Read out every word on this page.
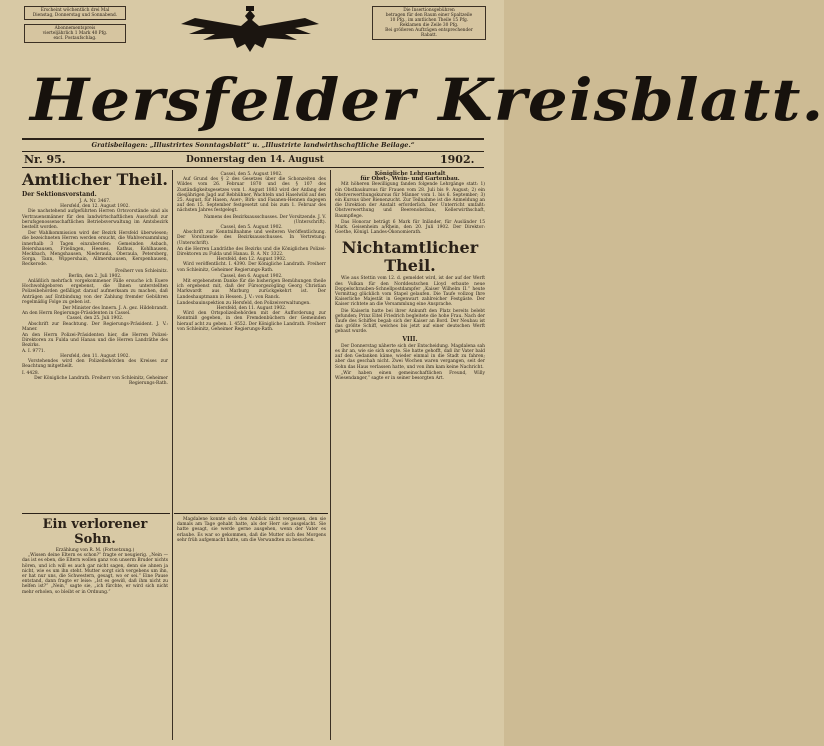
Erscheint wöchentlich drei Mal
Dienstag, Donnerstag und Sonnabend.
Abonnementspreis
vierteljährlich 1 Mark 40 Pfg.
excl. Postaufschlag.
Die Insertionsgebühren
betragen für den Raum einer Spaltzeile
10 Pfg., im amtlichen Theile 15 Pfg.
Reklamen die Zeile 30 Pfg.
Bei größeren Aufträgen entsprechender
Rabatt.
Hersfelder Kreisblatt.
Gratisbeilagen: „Illustrirtes Sonntagsblatt“ u. „Illustrirte landwirthschaftliche Beilage.“
Nr. 95.	Donnerstag den 14. August	1902.
Amtlicher Theil.
Der Sektionsvorstand.
J. A. Nr. 3467.
Hersfeld, den 12. August 1902.

Die nachstehend aufgeführten Herren Ortsvorstände sind als Vertrauensmänner für den landwirtschaftlichen Ausschuß zur berufsgenossenschaftlichen Betriebsverwaltung im Amtsbezirk bestellt worden.

Der Wahlkommission wird der Bezirk Hersfeld überwiesen; die bezeichneten Herren werden ersucht, die Wahlversammlung innerhalb 3 Tagen einzuberufen: Gemeinden Asbach, Beiershausen, Frielingen, Heenes, Kathus, Kohlhausen, Meckbach, Mengshausen, Niederaula, Oberaula, Petersberg, Sorga, Tann, Wippershain, Allmershausen, Kerspenhausen, Reckerode.

Freiherr von Schleinitz.
Berlin, den 2. Juli 1902.

Anläßlich mehrfach vorgekommener Fälle ersuche ich Euere Hochwohlgeboren ergebenst, die Ihnen unterstellten Polizeibehörden gefälligst darauf aufmerksam zu machen, daß Anträgen auf Entbindung von der Zahlung fremder Gebühren regelmäßig Folge zu geben ist.

Der Minister des Innern. J. A. gez. Hildebrandt.
An den Herrn Regierungs-Präsidenten in Cassel.
Cassel, den 25. Juli 1902.

Abschrift zur Beachtung. Der Regierungs-Präsident. J. V.: Maner.

An den Herrn Polizei-Präsidenten hier, die Herren Polizei-Direktoren zu Fulda und Hanau und die Herren Landräthe des Bezirks.
A. I. 9771.
Hersfeld, den 11. August 1902.

Vorstehendes wird den Polizeibehörden des Kreises zur Beachtung mitgetheilt.

I. 4428.
Der Königliche Landrath. Freiherr von Schleinitz, Geheimer Regierungs-Rath.
Ein verlorener Sohn.
Erzählung von R. M. (Fortsetzung.)

„Wissen deine Eltern es schon?“ fragte er neugierig. „Nein — das ist es eben, die Eltern wollen ganz von unserm Bruder nichts hören, und ich will es auch gar nicht sagen, denn sie ahnen ja nicht, wie es um ihn steht. Mutter sorgt sich vergebens um ihn, er hat nur uns, die Schwestern, gesagt, wo er sei.“ Eine Pause entstand, dann fragte er leise: „Ist es gewiß, daß ihm nicht zu helfen ist?“ „Nein,“ sagte sie, „ich fürchte, er wird sich nicht mehr erholen, so bleibt er in Ordnung.“

Cassel, den 5. August 1902.

Auf Grund des § 2 des Gesetzes über die Schonzeiten des Wildes vom 26. Februar 1870 und des § 107 des Zuständigkeitsgesetzes vom 1. August 1883 wird der Anfang der diesjährigen Jagd auf Rebhühner, Wachteln und Haselwild auf den 25. August, für Hasen, Auer-, Birk- und Fasanen-Hennen dagegen auf den 15. September festgesetzt und bis zum 1. Februar des nächsten Jahres festgelegt.

Namens des Bezirksausschusses. Der Vorsitzende. J. V. (Unterschrift).
Cassel, den 5. August 1902.

Abschrift zur Kenntnißnahme und weiteren Veröffentlichung. Der Vorsitzende des Bezirksausschusses. In Vertretung: (Unterschrift).

An die Herren Landräthe des Bezirks und die Königlichen Polizei-Direktoren zu Fulda und Hanau. B. A. Nr. 3322.
Hersfeld, den 12. August 1902.

Wird veröffentlicht. I. 4390. Der Königliche Landrath. Freiherr von Schleinitz, Geheimer Regierungs-Rath.

Cassel, den 6. August 1902.

Mit ergebenstem Danke für die bisherigen Bemühungen theile ich ergebenst mit, daß der Fürsorgezögling Georg Christian Markwardt aus Marburg zurückgekehrt ist. Der Landeshauptmann in Hessen. J. V.: von Ranck.

Landesbauinspektion zu Hersfeld, den Polizeiverwaltungen.
Hersfeld, den 11. August 1902.

Wird den Ortspolizeibehörden mit der Aufforderung zur Kenntniß gegeben, in den Fremdenbüchern der Gemeinden hierauf acht zu geben. I. 4552. Der Königliche Landrath. Freiherr von Schleinitz, Geheimer Regierungs-Rath.

Magdalene konnte sich den Anblick nicht vergessen, den sie damals am Tage gehabt hatte, als der Herr sie ausgelacht. Sie hatte gesagt, sie werde gerne ausgehen, wenn der Vater es erlaube. Es war so gekommen, daß die Mutter sich des Morgens sehr früh aufgemacht hatte, um die Verwandten zu besuchen.

Königliche Lehranstalt
für Obst-, Wein- und Gartenbau.

Mit höheren Bewilligung fanden folgende Lehrgänge statt: 1) ein Obstbaukursus für Frauen vom 28. Juli bis 9. August; 2) ein Obstverwerthungskursus für Männer vom 1. bis 6. September; 3) ein Kursus über Bienenzucht. Zur Teilnahme ist die Anmeldung an die Direktion der Anstalt erforderlich. Der Unterricht umfaßt: Obstverwerthung und Beerenobstbau, Kellerwirthschaft, Baumpflege.

Das Honorar beträgt 6 Mark für Inländer, für Ausländer 15 Mark. Geisenheim a/Rhein, den 20. Juli 1902. Der Direktor: Goethe, Königl. Landes-Ökonomierath.

Nichtamtlicher Theil.

Wie aus Stettin vom 12. d. gemeldet wird, ist der auf der Werft des Vulkan für den Norddeutschen Lloyd erbaute neue Doppelschrauben-Schnellpostdampfer „Kaiser Wilhelm II.“ heute Vormittag glücklich vom Stapel gelaufen. Die Taufe vollzog Ihre Kaiserliche Majestät in Gegenwart zahlreicher Festgäste. Der Kaiser richtete an die Versammlung eine Ansprache.

Die Kaiserin hatte bei ihrer Ankunft den Platz bereits belebt gefunden; Prinz Eitel Friedrich begleitete die hohe Frau. Nach der Taufe des Schiffes begab sich der Kaiser an Bord. Der Neubau ist das größte Schiff, welches bis jetzt auf einer deutschen Werft gebaut wurde.

VIII.

Der Donnerstag näherte sich der Entscheidung. Magdalena sah es ihr an, wie sie sich sorgte. Sie hatte gehofft, daß ihr Vater bald auf den Gedanken käme, wieder einmal in die Stadt zu fahren; aber das geschah nicht. Zwei Wochen waren vergangen, seit der Sohn das Haus verlassen hatte, und von ihm kam keine Nachricht.

„Wir haben einen gemeinschaftlichen Freund, Willy Wiesendanger,“ sagte er in seiner besorgten Art.
